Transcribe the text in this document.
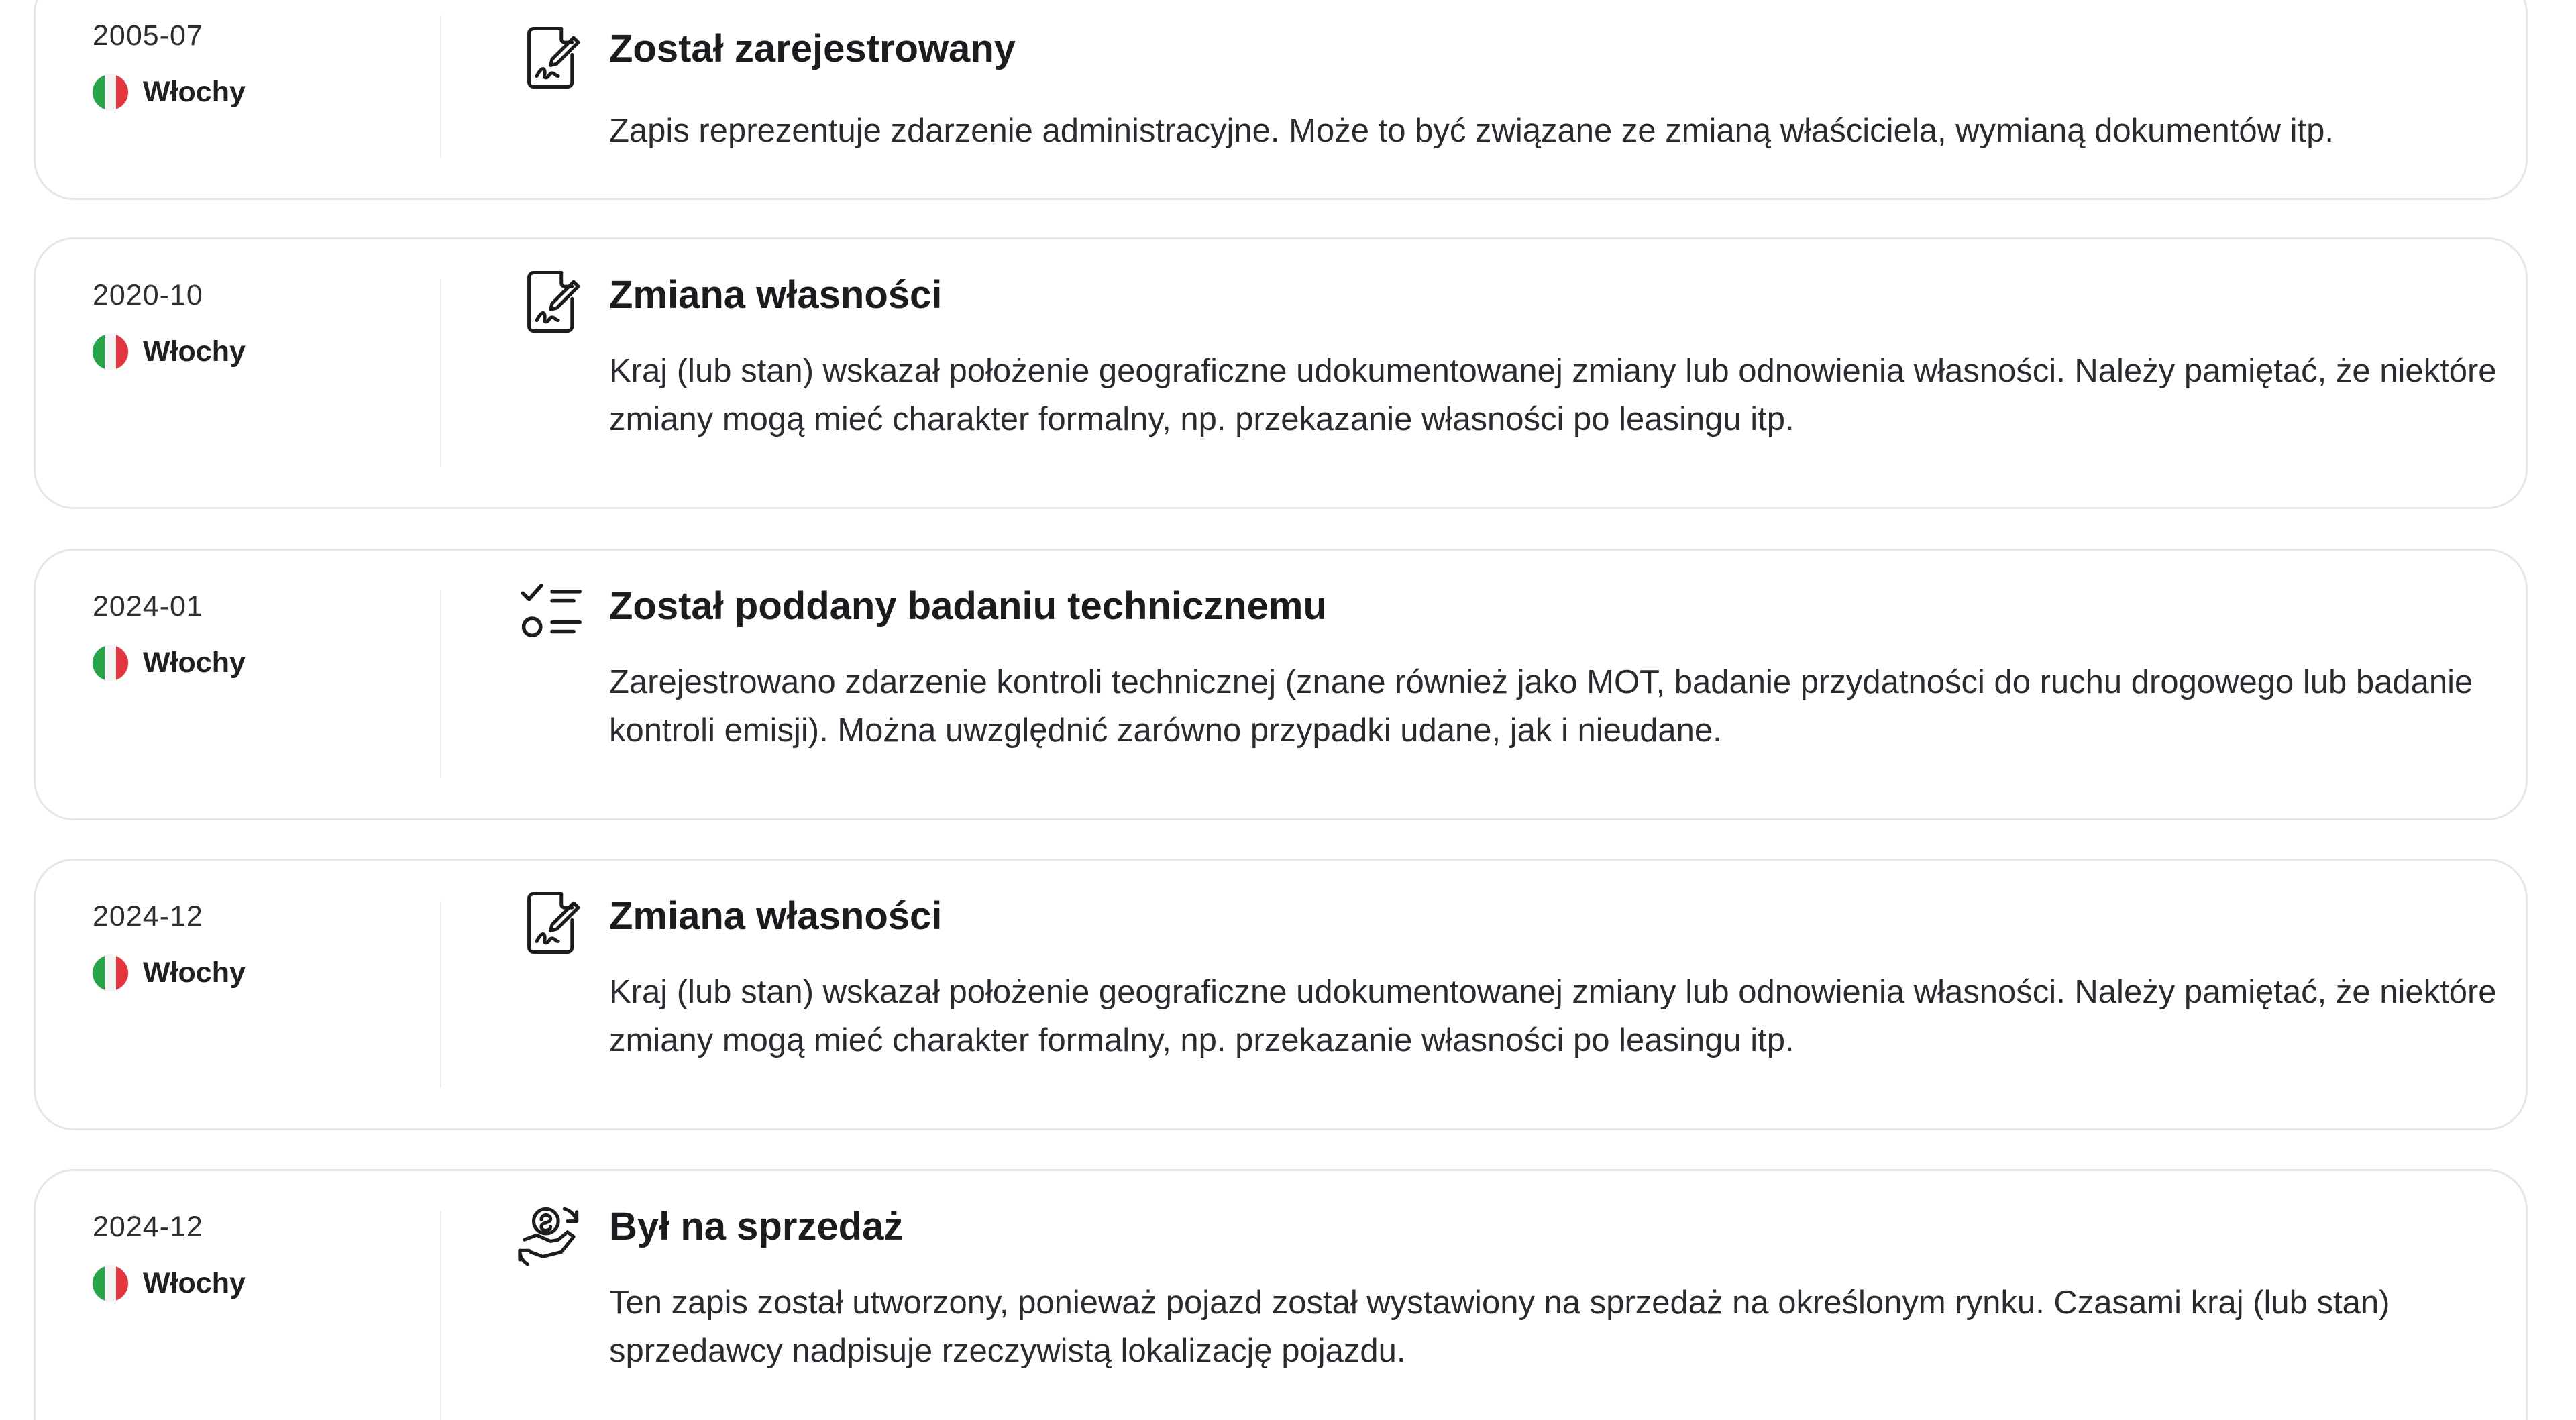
2005-07
Włochy
Został zarejestrowany
Zapis reprezentuje zdarzenie administracyjne. Może to być związane ze zmianą właściciela, wymianą dokumentów itp.
2020-10
Włochy
Zmiana własności
Kraj (lub stan) wskazał położenie geograficzne udokumentowanej zmiany lub odnowienia własności. Należy pamiętać, że niektóre zmiany mogą mieć charakter formalny, np. przekazanie własności po leasingu itp.
2024-01
Włochy
Został poddany badaniu technicznemu
Zarejestrowano zdarzenie kontroli technicznej (znane również jako MOT, badanie przydatności do ruchu drogowego lub badanie kontroli emisji). Można uwzględnić zarówno przypadki udane, jak i nieudane.
2024-12
Włochy
Zmiana własności
Kraj (lub stan) wskazał położenie geograficzne udokumentowanej zmiany lub odnowienia własności. Należy pamiętać, że niektóre zmiany mogą mieć charakter formalny, np. przekazanie własności po leasingu itp.
2024-12
Włochy
Był na sprzedaż
Ten zapis został utworzony, ponieważ pojazd został wystawiony na sprzedaż na określonym rynku. Czasami kraj (lub stan) sprzedawcy nadpisuje rzeczywistą lokalizację pojazdu.
